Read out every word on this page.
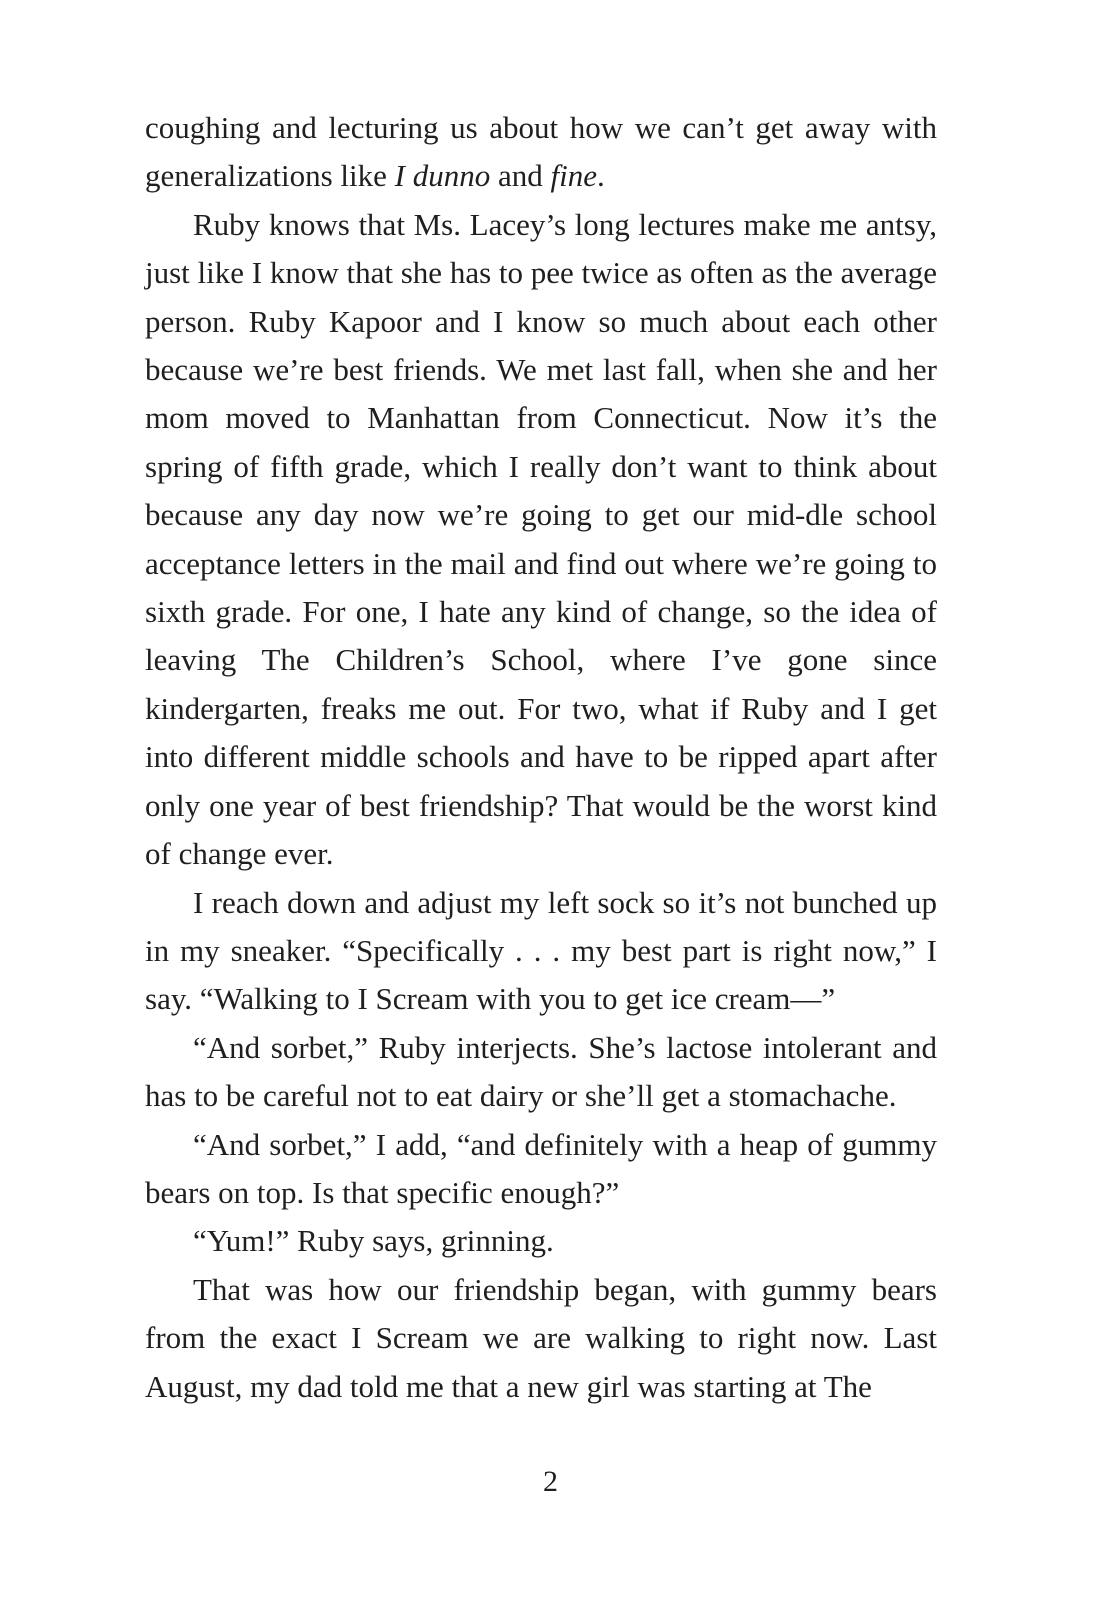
coughing and lecturing us about how we can’t get away with generalizations like I dunno and fine.

Ruby knows that Ms. Lacey’s long lectures make me antsy, just like I know that she has to pee twice as often as the average person. Ruby Kapoor and I know so much about each other because we’re best friends. We met last fall, when she and her mom moved to Manhattan from Connecticut. Now it’s the spring of fifth grade, which I really don’t want to think about because any day now we’re going to get our mid-dle school acceptance letters in the mail and find out where we’re going to sixth grade. For one, I hate any kind of change, so the idea of leaving The Children’s School, where I’ve gone since kindergarten, freaks me out. For two, what if Ruby and I get into different middle schools and have to be ripped apart after only one year of best friendship? That would be the worst kind of change ever.

I reach down and adjust my left sock so it’s not bunched up in my sneaker. “Specifically . . . my best part is right now,” I say. “Walking to I Scream with you to get ice cream—”

“And sorbet,” Ruby interjects. She’s lactose intolerant and has to be careful not to eat dairy or she’ll get a stomachache.

“And sorbet,” I add, “and definitely with a heap of gummy bears on top. Is that specific enough?”

“Yum!” Ruby says, grinning.

That was how our friendship began, with gummy bears from the exact I Scream we are walking to right now. Last August, my dad told me that a new girl was starting at The

2
